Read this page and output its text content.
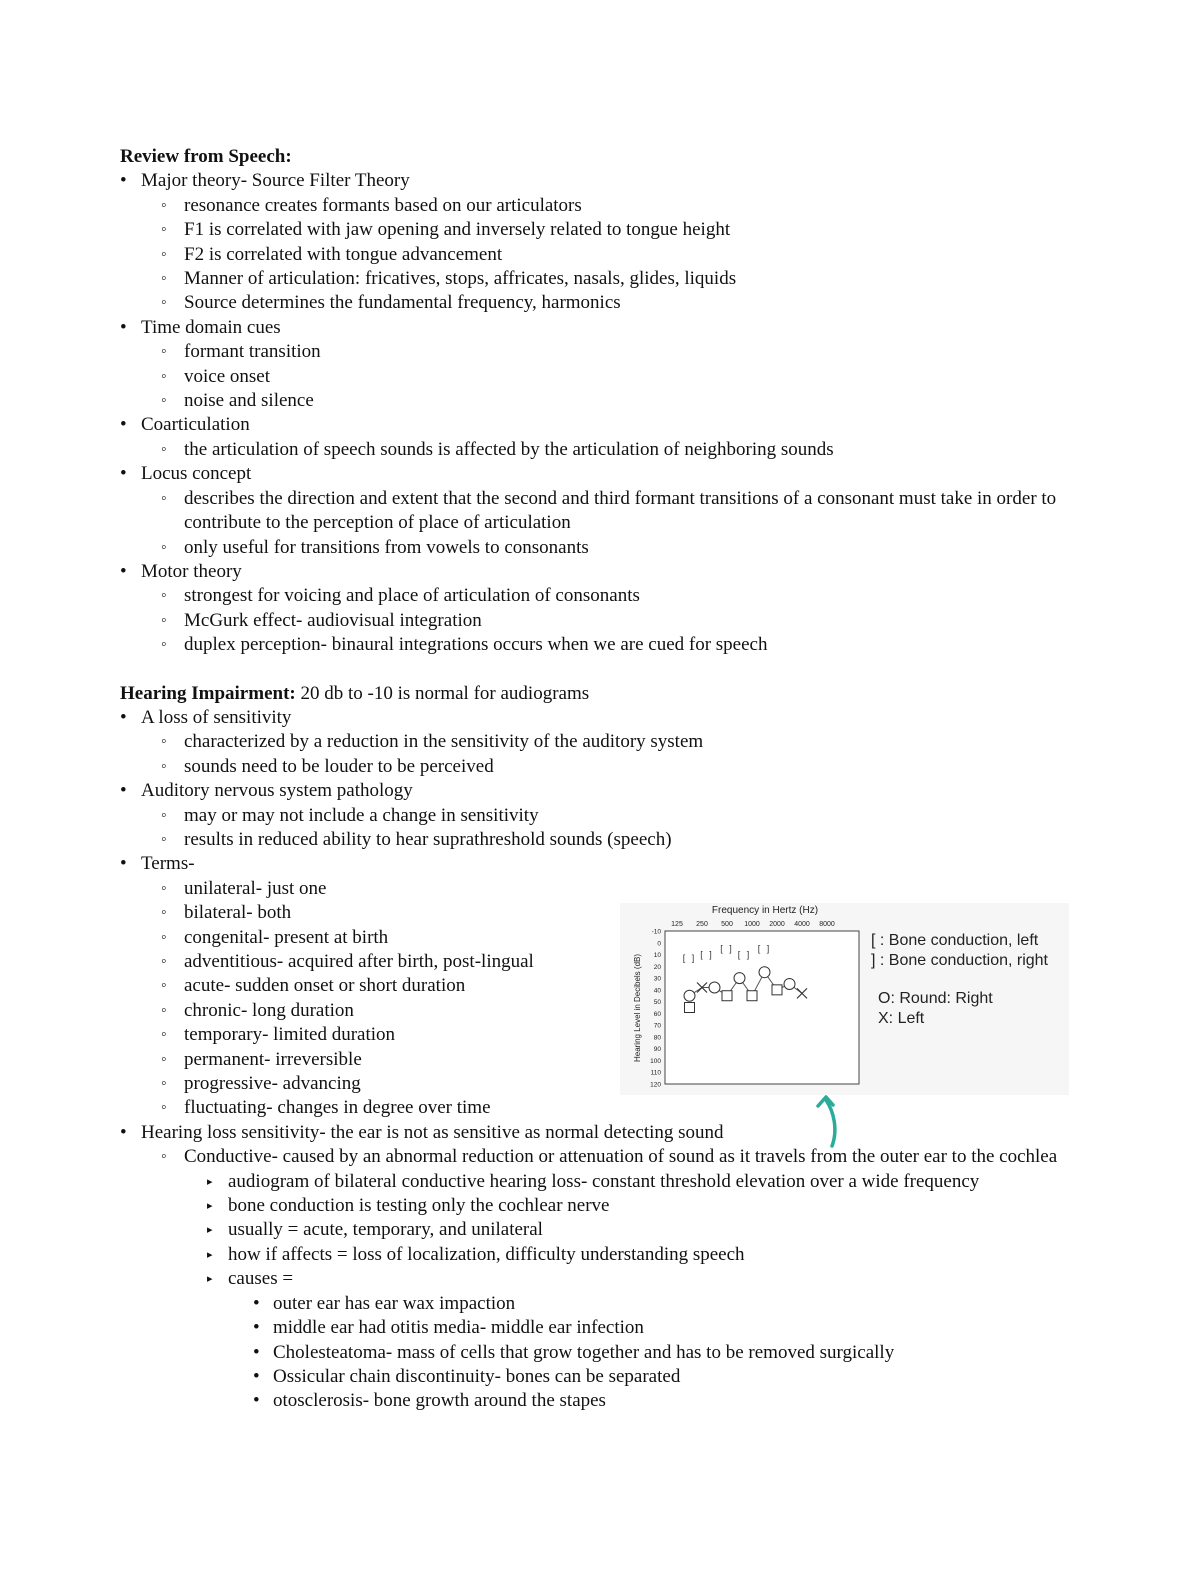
Review from Speech:

• Major theory- Source Filter Theory
◦ resonance creates formants based on our articulators
◦ F1 is correlated with jaw opening and inversely related to tongue height
◦ F2 is correlated with tongue advancement
◦ Manner of articulation: fricatives, stops, affricates, nasals, glides, liquids
◦ Source determines the fundamental frequency, harmonics
• Time domain cues
◦ formant transition
◦ voice onset
◦ noise and silence
• Coarticulation
◦ the articulation of speech sounds is affected by the articulation of neighboring sounds
• Locus concept
◦ describes the direction and extent that the second and third formant transitions of a consonant must take in order to contribute to the perception of place of articulation
◦ only useful for transitions from vowels to consonants
• Motor theory
◦ strongest for voicing and place of articulation of consonants
◦ McGurk effect- audiovisual integration
◦ duplex perception- binaural integrations occurs when we are cued for speech

Hearing Impairment: 20 db to -10 is normal for audiograms

• A loss of sensitivity
◦ characterized by a reduction in the sensitivity of the auditory system
◦ sounds need to be louder to be perceived
• Auditory nervous system pathology
◦ may or may not include a change in sensitivity
◦ results in reduced ability to hear suprathreshold sounds (speech)
• Terms-
◦ unilateral- just one
◦ bilateral- both
◦ congenital- present at birth
◦ adventitious- acquired after birth, post-lingual
◦ acute- sudden onset or short duration
◦ chronic- long duration
◦ temporary- limited duration
◦ permanent- irreversible
◦ progressive- advancing
◦ fluctuating- changes in degree over time
• Hearing loss sensitivity- the ear is not as sensitive as normal detecting sound
◦ Conductive- caused by an abnormal reduction or attenuation of sound as it travels from the outer ear to the cochlea
▸ audiogram of bilateral conductive hearing loss- constant threshold elevation over a wide frequency
▸ bone conduction is testing only the cochlear nerve
▸ usually = acute, temporary, and unilateral
▸ how if affects = loss of localization, difficulty understanding speech
▸ causes =
• outer ear has ear wax impaction
• middle ear had otitis media- middle ear infection
• Cholesteatoma- mass of cells that grow together and has to be removed surgically
• Ossicular chain discontinuity- bones can be separated
• otosclerosis- bone growth around the stapes
Frequency in Hertz (Hz)
Hearing Level in Decibels (dB)
125 250 500 1000 2000 4000 8000
-10
0
10
20
30
40
50
60
70
80
90
100
110
120
[ ] [ ]
[ ]
[ ]
[ ]	[ : Bone conduction, left
] : Bone conduction, right
O: Round: Right
X: Left
